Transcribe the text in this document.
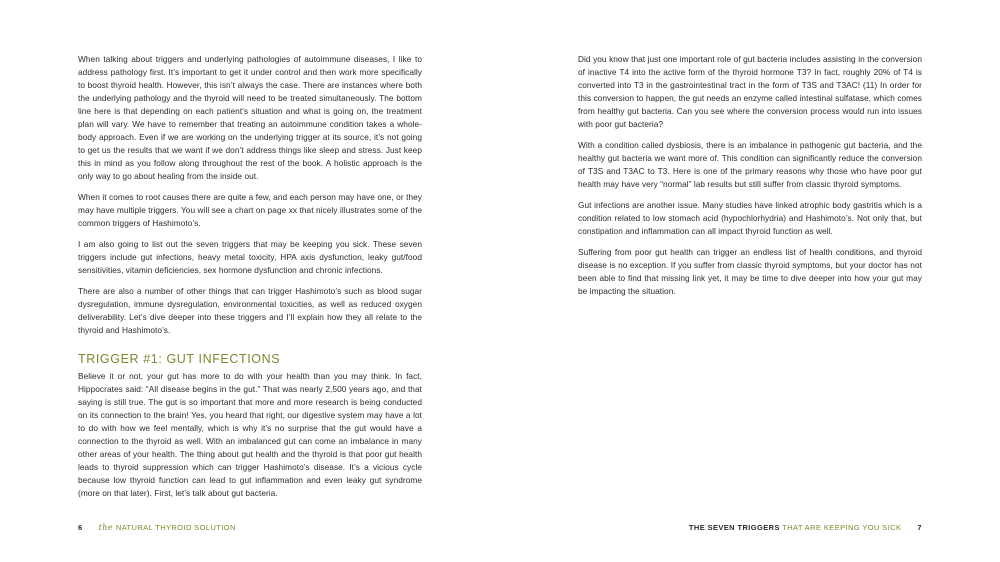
When talking about triggers and underlying pathologies of autoimmune diseases, I like to address pathology first. It’s important to get it under control and then work more specifically to boost thyroid health. However, this isn’t always the case. There are instances where both the underlying pathology and the thyroid will need to be treated simultaneously. The bottom line here is that depending on each patient’s situation and what is going on, the treatment plan will vary. We have to remember that treating an autoimmune condition takes a whole-body approach. Even if we are working on the underlying trigger at its source, it’s not going to get us the results that we want if we don’t address things like sleep and stress. Just keep this in mind as you follow along throughout the rest of the book. A holistic approach is the only way to go about healing from the inside out.

When it comes to root causes there are quite a few, and each person may have one, or they may have multiple triggers. You will see a chart on page xx that nicely illustrates some of the common triggers of Hashimoto’s.

I am also going to list out the seven triggers that may be keeping you sick. These seven triggers include gut infections, heavy metal toxicity, HPA axis dysfunction, leaky gut/food sensitivities, vitamin deficiencies, sex hormone dysfunction and chronic infections.

There are also a number of other things that can trigger Hashimoto’s such as blood sugar dysregulation, immune dysregulation, environmental toxicities, as well as reduced oxygen deliverability. Let’s dive deeper into these triggers and I’ll explain how they all relate to the thyroid and Hashimoto’s.

TRIGGER #1: GUT INFECTIONS

Believe it or not, your gut has more to do with your health than you may think. In fact, Hippocrates said: “All disease begins in the gut.” That was nearly 2,500 years ago, and that saying is still true. The gut is so important that more and more research is being conducted on its connection to the brain! Yes, you heard that right, our digestive system may have a lot to do with how we feel mentally, which is why it’s no surprise that the gut would have a connection to the thyroid as well. With an imbalanced gut can come an imbalance in many other areas of your health. The thing about gut health and the thyroid is that poor gut health leads to thyroid suppression which can trigger Hashimoto’s disease. It’s a vicious cycle because low thyroid function can lead to gut inflammation and even leaky gut syndrome (more on that later). First, let’s talk about gut bacteria.

6 the NATURAL THYROID SOLUTION

Did you know that just one important role of gut bacteria includes assisting in the conversion of inactive T4 into the active form of the thyroid hormone T3? In fact, roughly 20% of T4 is converted into T3 in the gastrointestinal tract in the form of T3S and T3AC! (11) In order for this conversion to happen, the gut needs an enzyme called intestinal sulfatase, which comes from healthy gut bacteria. Can you see where the conversion process would run into issues with poor gut bacteria?

With a condition called dysbiosis, there is an imbalance in pathogenic gut bacteria, and the healthy gut bacteria we want more of. This condition can significantly reduce the conversion of T3S and T3AC to T3. Here is one of the primary reasons why those who have poor gut health may have very “normal” lab results but still suffer from classic thyroid symptoms.

Gut infections are another issue. Many studies have linked atrophic body gastritis which is a condition related to low stomach acid (hypochlorhydria) and Hashimoto’s. Not only that, but constipation and inflammation can all impact thyroid function as well.

Suffering from poor gut health can trigger an endless list of health conditions, and thyroid disease is no exception. If you suffer from classic thyroid symptoms, but your doctor has not been able to find that missing link yet, it may be time to dive deeper into how your gut may be impacting the situation.

THE SEVEN TRIGGERS THAT ARE KEEPING YOU SICK 7
